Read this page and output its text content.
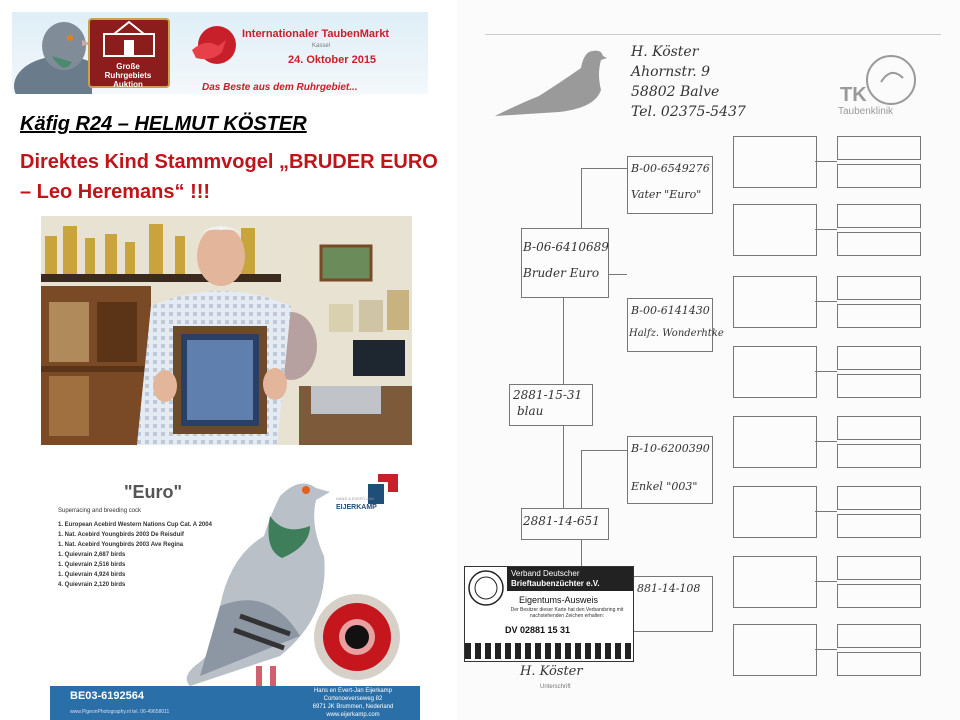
Große
Ruhrgebiets Auktion
Internationaler TaubenMarkt
Kassel
24. Oktober 2015
Das Beste aus dem Ruhrgebiet...
Käfig R24 – HELMUT KÖSTER
Direktes Kind Stammvogel „BRUDER EURO – Leo Heremans“ !!!
"Euro"
Superracing and breeding cock
1. European Acebird Western Nations Cup Cat. A 2004
1. Nat. Acebird Youngbirds 2003 De Reisduif
1. Nat. Acebird Youngbirds 2003 Ave Regina
1. Quievrain 2,687 birds
1. Quievrain 2,516 birds
1. Quievrain 4,924 birds
4. Quievrain 2,120 birds
HANS & EVERT-JAN
EIJERKAMP
BE03-6192564
www.PigeonPhotography.nl tel. 06-49658011
Hans en Evert-Jan Eijerkamp
Cortenoeverseweg 82
6971 JK Brummen, Nederland
www.eijerkamp.com
H. Köster
Ahornstr. 9
58802 Balve
Tel. 02375-5437
TK
Taubenklinik
B-06-6410689
Bruder Euro
2881-15-31
blau
2881-14-651
B-00-6549276
Vater "Euro"
B-00-6141430
Halfz. Wonderhtke
B-10-6200390
Enkel "003"
881-14-108
Verband Deutscher
Brieftaubenzüchter e.V.
Eigentums-Ausweis
Der Besitzer dieser Karte hat den Verbandsring mit nachstehenden Zeichen erhalten:
DV 02881 15 31
H. Köster
Unterschrift
